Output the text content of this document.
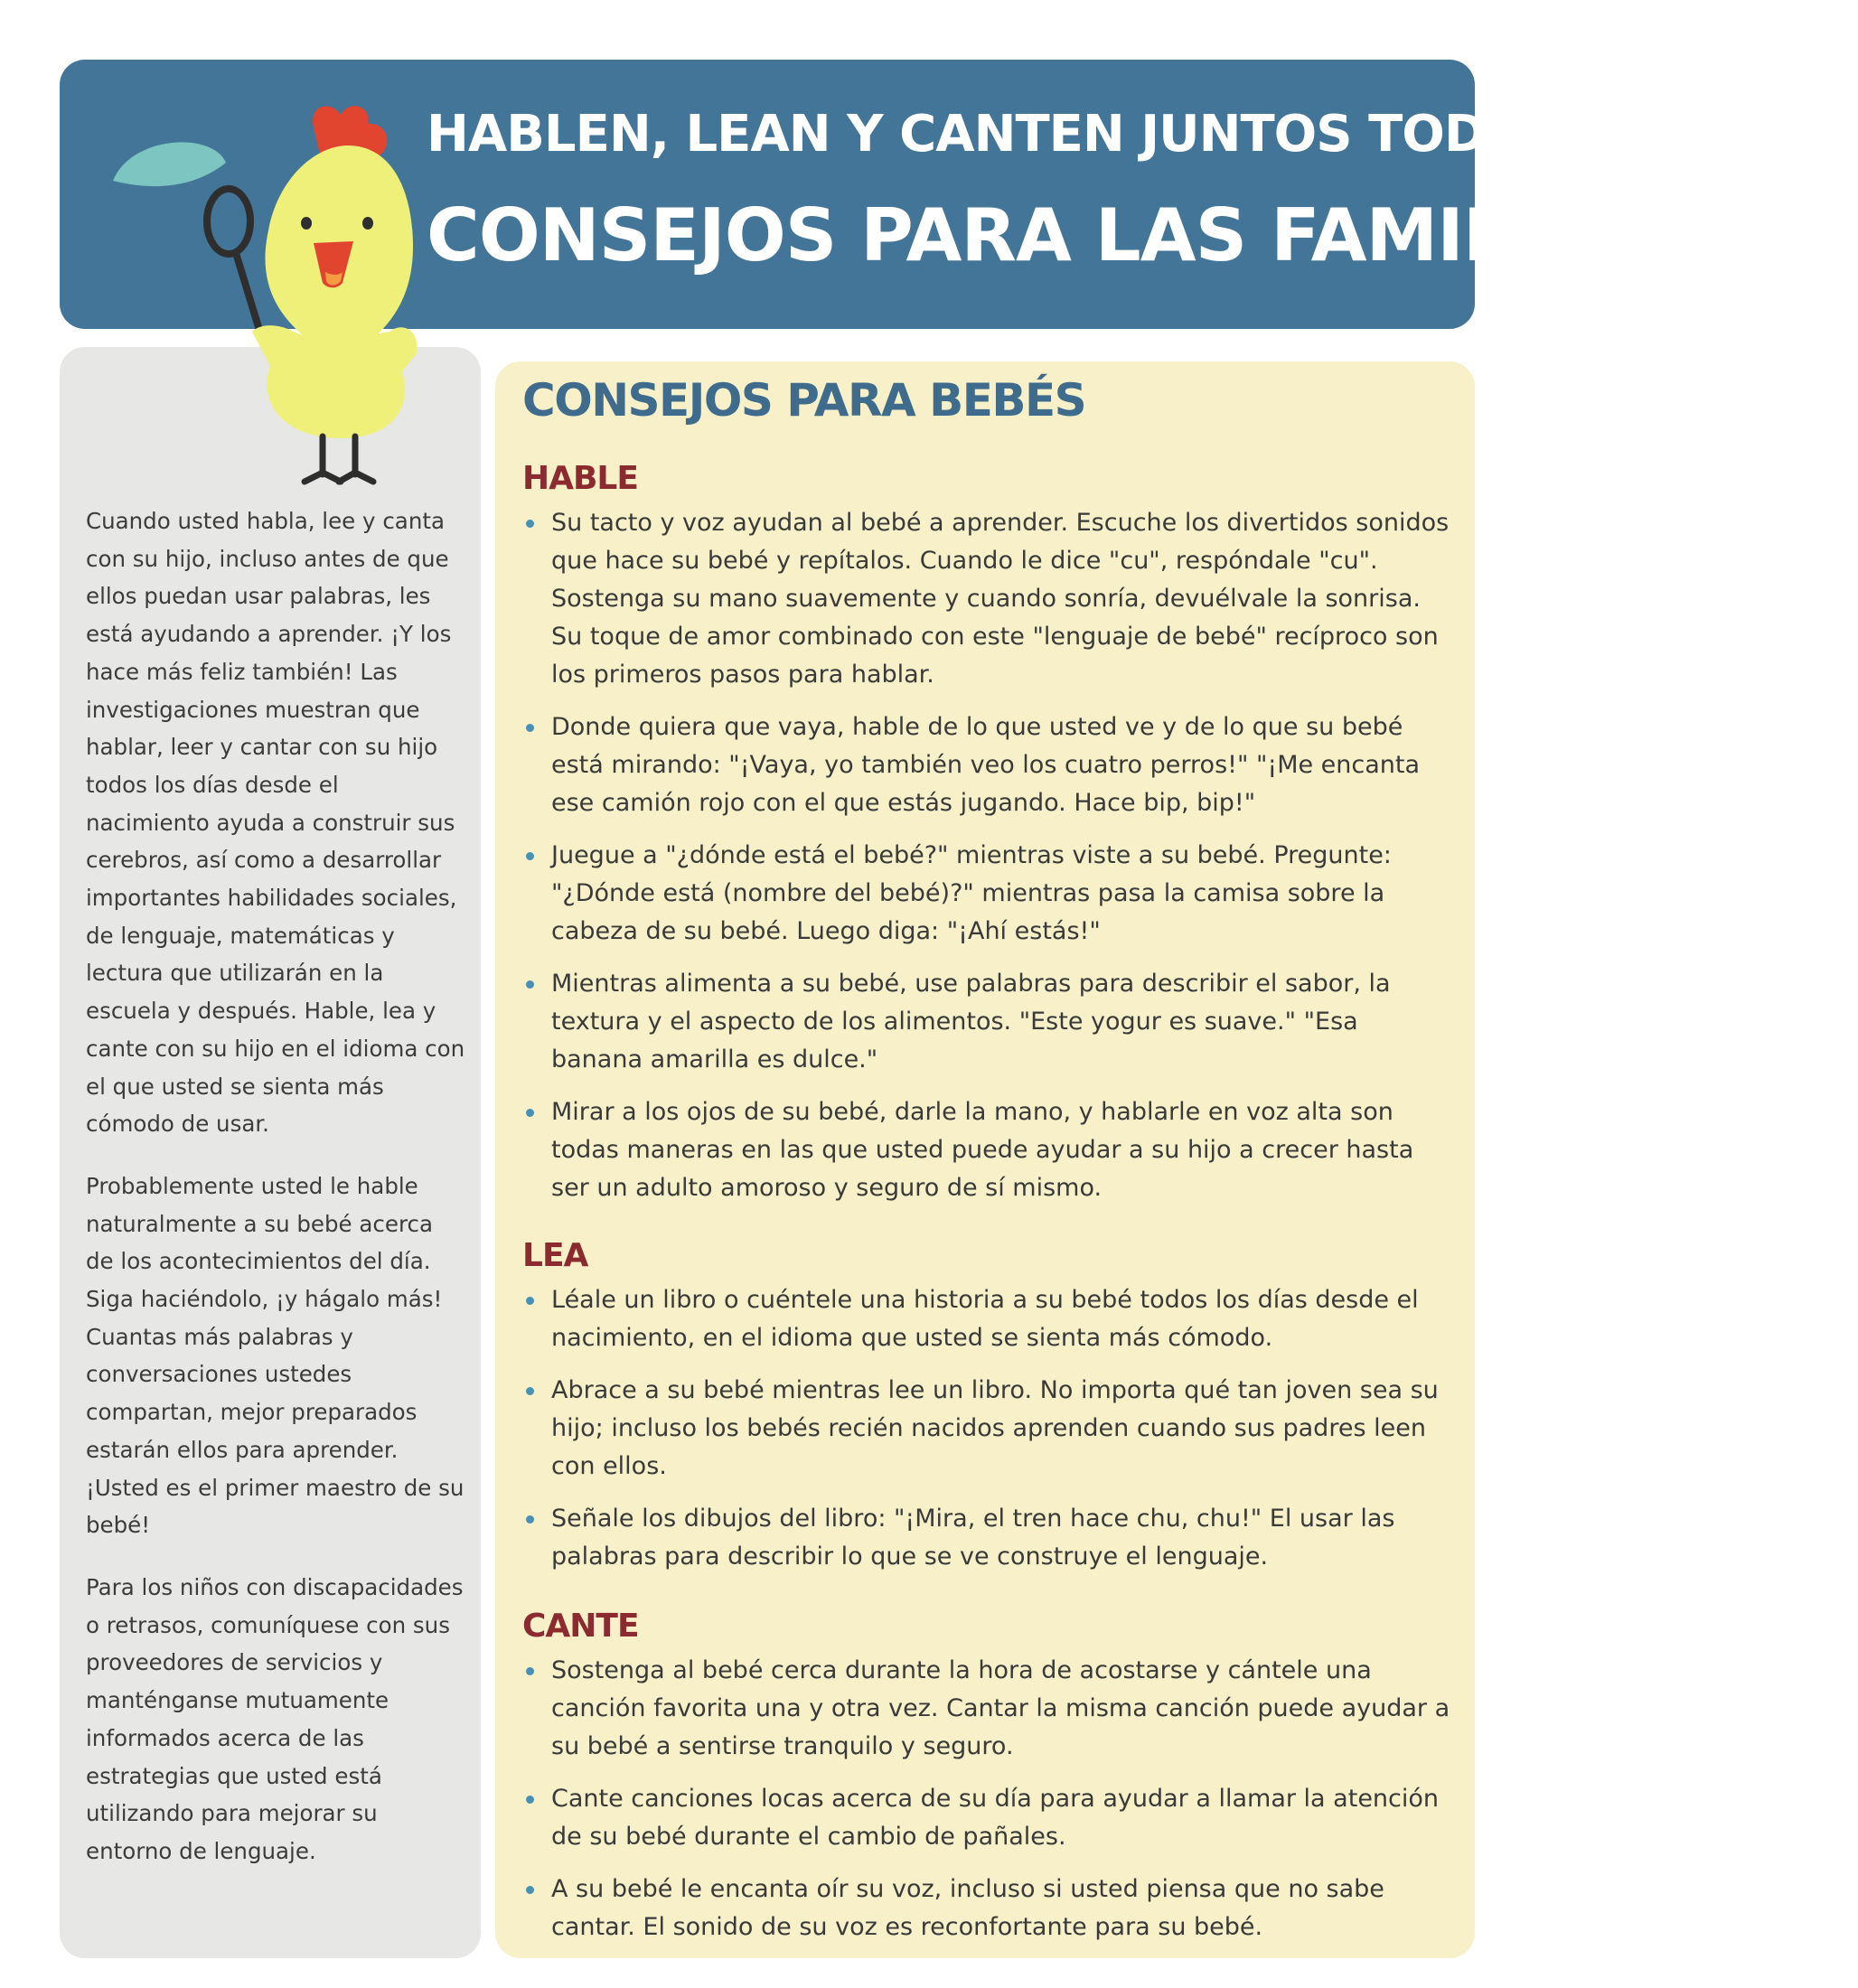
HABLEN, LEAN Y CANTEN JUNTOS TODOS LOS DÍAS!
CONSEJOS PARA LAS FAMILIAS

Cuando usted habla, lee y canta con su hijo, incluso antes de que ellos puedan usar palabras, les está ayudando a aprender. ¡Y los hace más feliz también! Las investigaciones muestran que hablar, leer y cantar con su hijo todos los días desde el nacimiento ayuda a construir sus cerebros, así como a desarrollar importantes habilidades sociales, de lenguaje, matemáticas y lectura que utilizarán en la escuela y después. Hable, lea y cante con su hijo en el idioma con el que usted se sienta más cómodo de usar.

Probablemente usted le hable naturalmente a su bebé acerca de los acontecimientos del día. Siga haciéndolo, ¡y hágalo más! Cuantas más palabras y conversaciones ustedes compartan, mejor preparados estarán ellos para aprender. ¡Usted es el primer maestro de su bebé!

Para los niños con discapacidades o retrasos, comuníquese con sus proveedores de servicios y manténganse mutuamente informados acerca de las estrategias que usted está utilizando para mejorar su entorno de lenguaje.

CONSEJOS PARA BEBÉS
HABLE
Su tacto y voz ayudan al bebé a aprender. Escuche los divertidos sonidos que hace su bebé y repítalos. Cuando le dice "cu", respóndale "cu". Sostenga su mano suavemente y cuando sonría, devuélvale la sonrisa. Su toque de amor combinado con este "lenguaje de bebé" recíproco son los primeros pasos para hablar.
Donde quiera que vaya, hable de lo que usted ve y de lo que su bebé está mirando: "¡Vaya, yo también veo los cuatro perros!" "¡Me encanta ese camión rojo con el que estás jugando. Hace bip, bip!"
Juegue a "¿dónde está el bebé?" mientras viste a su bebé. Pregunte: "¿Dónde está (nombre del bebé)?" mientras pasa la camisa sobre la cabeza de su bebé. Luego diga: "¡Ahí estás!"
Mientras alimenta a su bebé, use palabras para describir el sabor, la textura y el aspecto de los alimentos. "Este yogur es suave." "Esa banana amarilla es dulce."
Mirar a los ojos de su bebé, darle la mano, y hablarle en voz alta son todas maneras en las que usted puede ayudar a su hijo a crecer hasta ser un adulto amoroso y seguro de sí mismo.
LEA
Léale un libro o cuéntele una historia a su bebé todos los días desde el nacimiento, en el idioma que usted se sienta más cómodo.
Abrace a su bebé mientras lee un libro. No importa qué tan joven sea su hijo; incluso los bebés recién nacidos aprenden cuando sus padres leen con ellos.
Señale los dibujos del libro: "¡Mira, el tren hace chu, chu!" El usar las palabras para describir lo que se ve construye el lenguaje.
CANTE
Sostenga al bebé cerca durante la hora de acostarse y cántele una canción favorita una y otra vez. Cantar la misma canción puede ayudar a su bebé a sentirse tranquilo y seguro.
Cante canciones locas acerca de su día para ayudar a llamar la atención de su bebé durante el cambio de pañales.
A su bebé le encanta oír su voz, incluso si usted piensa que no sabe cantar. El sonido de su voz es reconfortante para su bebé.
